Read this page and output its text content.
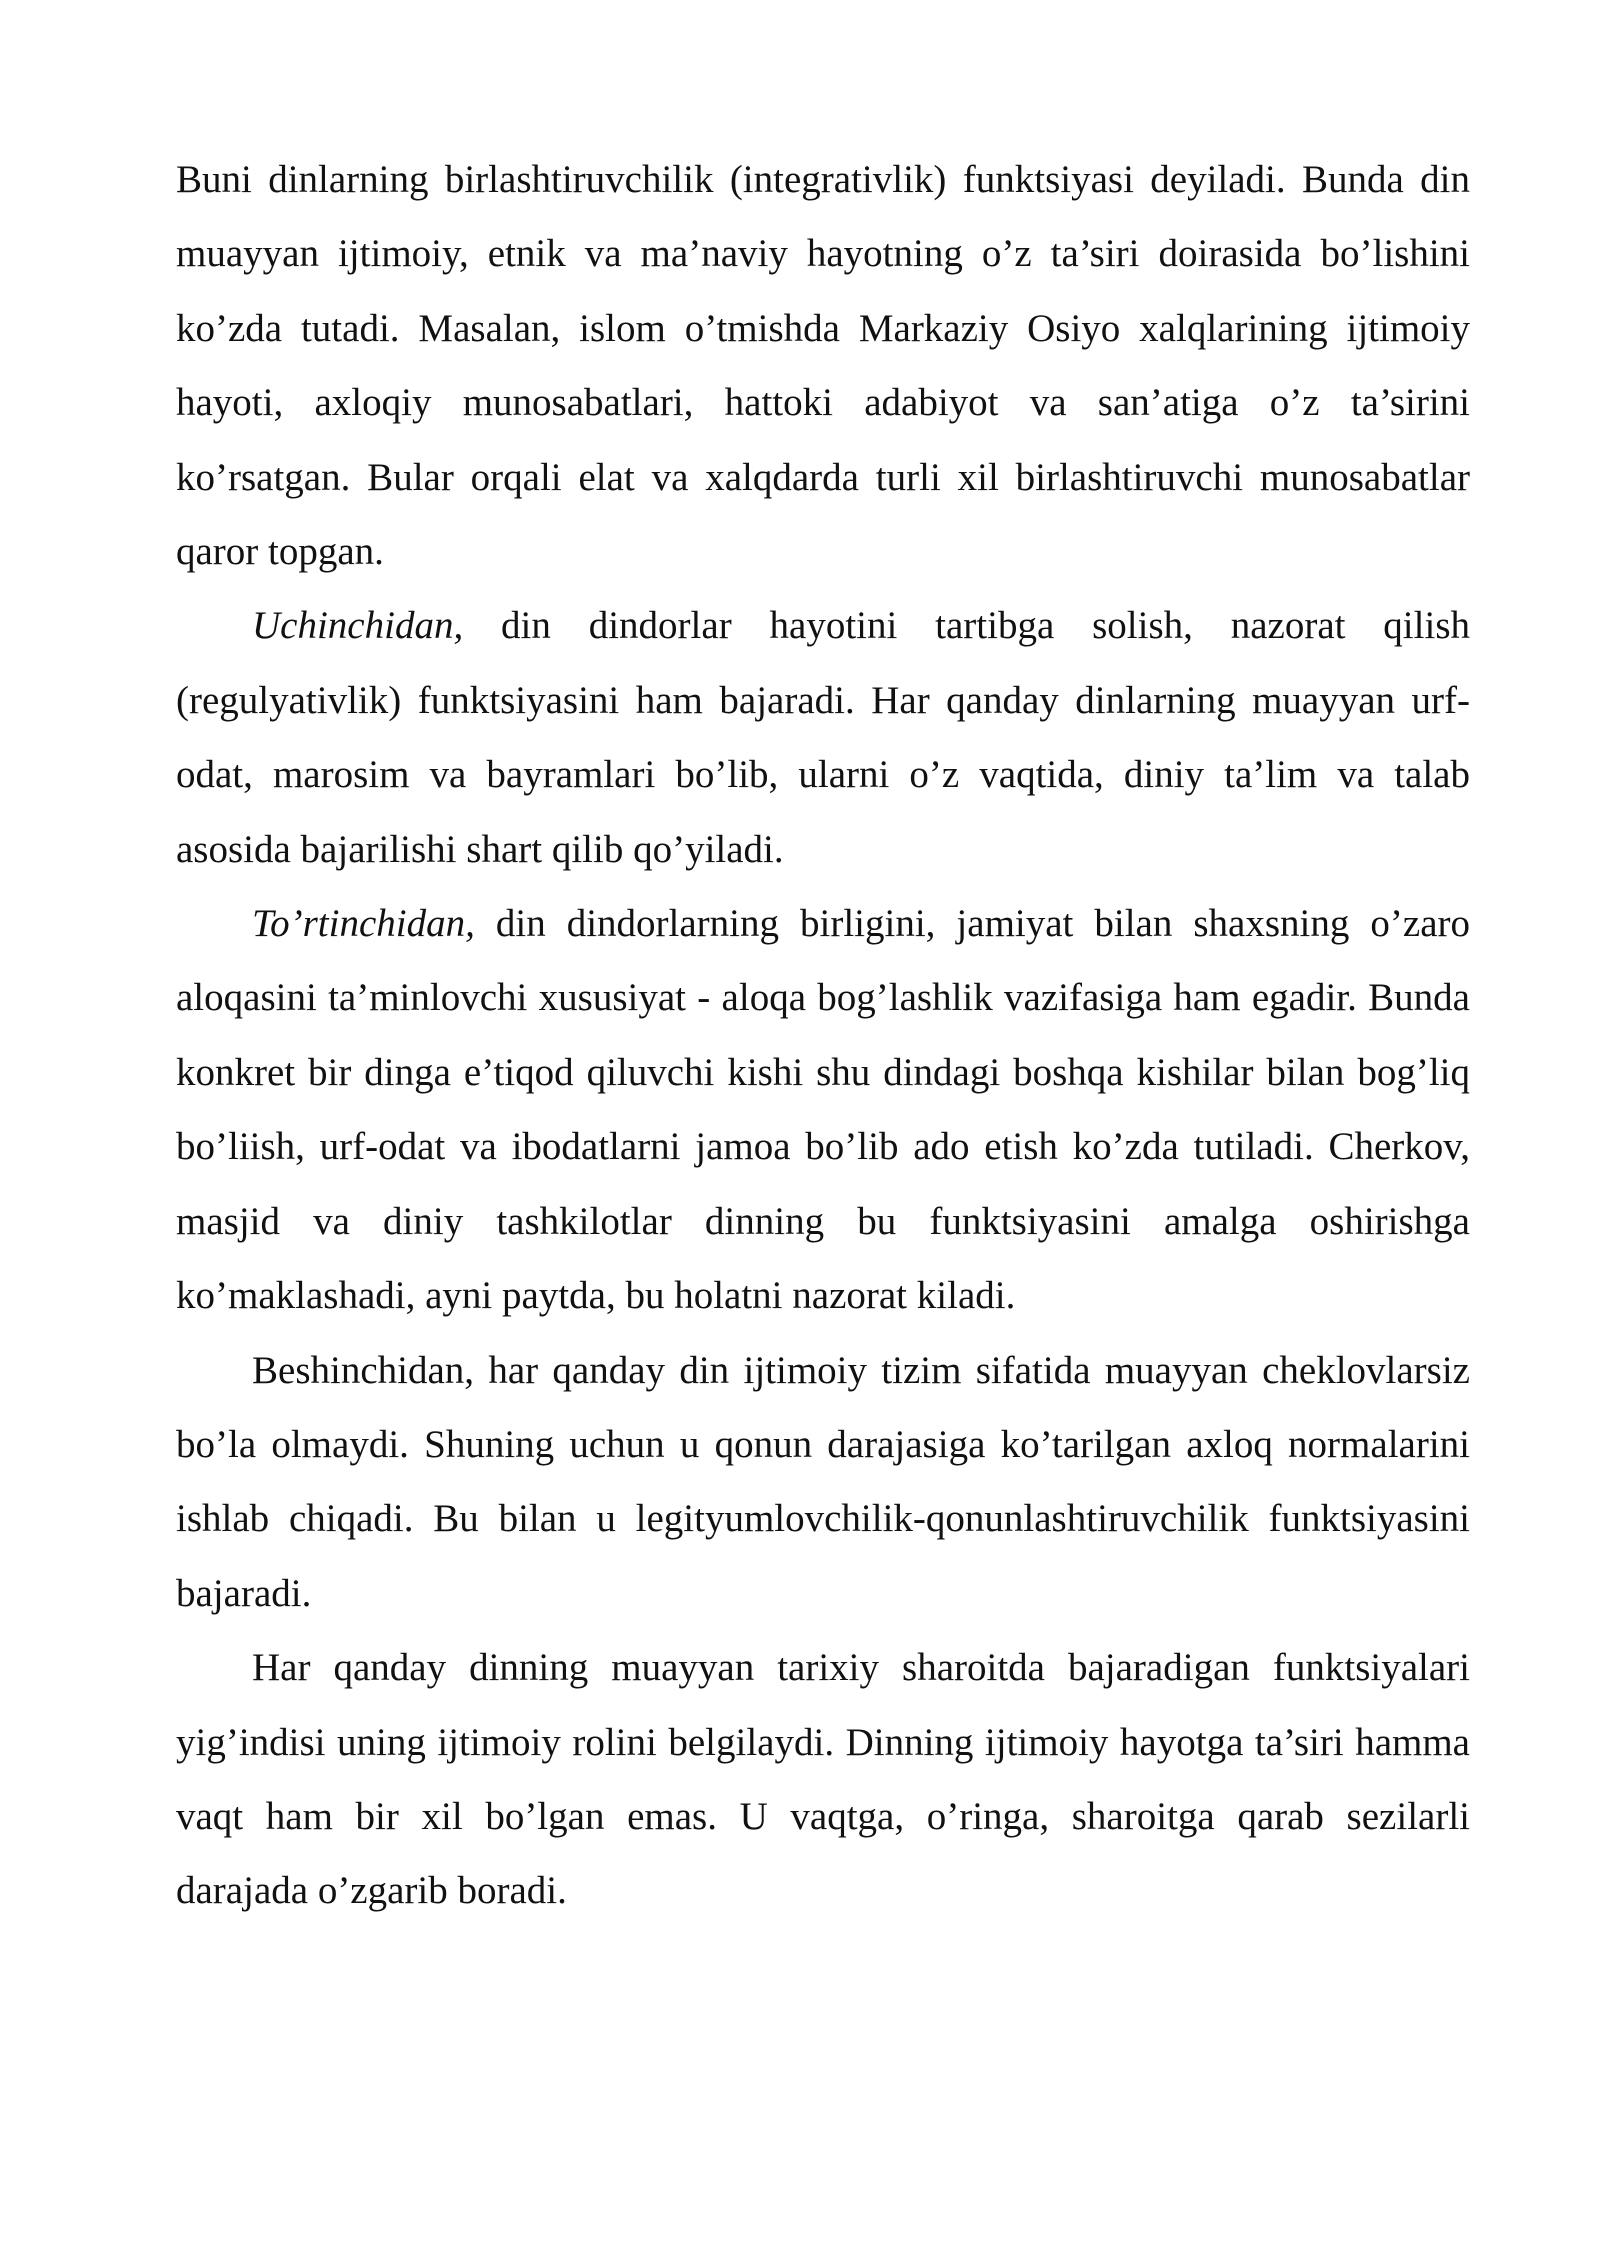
Buni dinlarning birlashtiruvchilik (integrativlik) funktsiyasi deyiladi. Bunda din muayyan ijtimoiy, etnik va ma’naviy hayotning o’z ta’siri doirasida bo’lishini ko’zda tutadi. Masalan, islom o’tmishda Markaziy Osiyo xalqlarining ijtimoiy hayoti, axloqiy munosabatlari, hattoki adabiyot va san’atiga o’z ta’sirini ko’rsatgan. Bular orqali elat va xalqdarda turli xil birlashtiruvchi munosabatlar qaror topgan.

Uchinchidan, din dindorlar hayotini tartibga solish, nazorat qilish (regulyativlik) funktsiyasini ham bajaradi. Har qanday dinlarning muayyan urf-odat, marosim va bayramlari bo’lib, ularni o’z vaqtida, diniy ta’lim va talab asosida bajarilishi shart qilib qo’yiladi.

To’rtinchidan, din dindorlarning birligini, jamiyat bilan shaxsning o’zaro aloqasini ta’minlovchi xususiyat - aloqa bog’lashlik vazifasiga ham egadir. Bunda konkret bir dinga e’tiqod qiluvchi kishi shu dindagi boshqa kishilar bilan bog’liq bo’liish, urf-odat va ibodatlarni jamoa bo’lib ado etish ko’zda tutiladi. Cherkov, masjid va diniy tashkilotlar dinning bu funktsiyasini amalga oshirishga ko’maklashadi, ayni paytda, bu holatni nazorat kiladi.

Beshinchidan, har qanday din ijtimoiy tizim sifatida muayyan cheklovlarsiz bo’la olmaydi. Shuning uchun u qonun darajasiga ko’tarilgan axloq normalarini ishlab chiqadi. Bu bilan u legityumlovchilik-qonunlashtiruvchilik funktsiyasini bajaradi.

Har qanday dinning muayyan tarixiy sharoitda bajaradigan funktsiyalari yig’indisi uning ijtimoiy rolini belgilaydi. Dinning ijtimoiy hayotga ta’siri hamma vaqt ham bir xil bo’lgan emas. U vaqtga, o’ringa, sharoitga qarab sezilarli darajada o’zgarib boradi.
